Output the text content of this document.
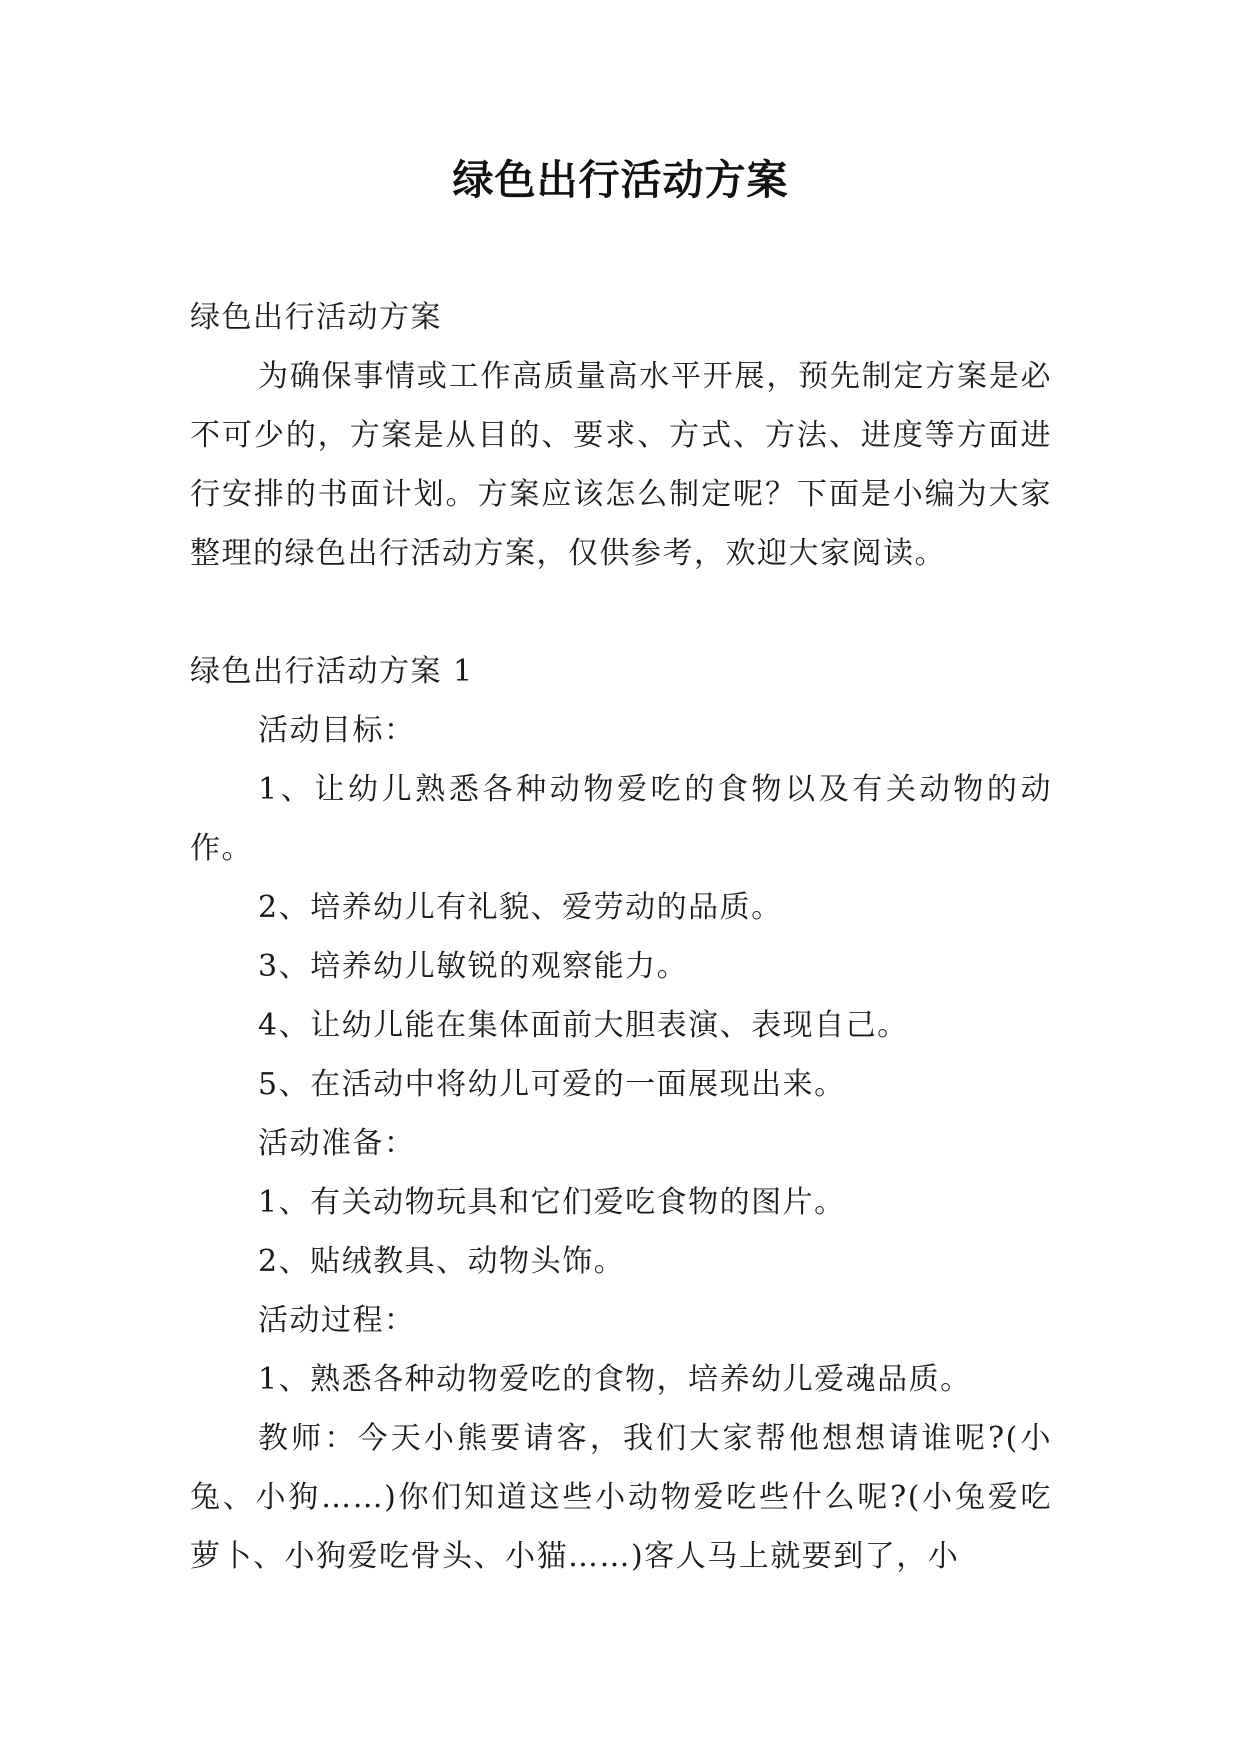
绿色出行活动方案

绿色出行活动方案

为确保事情或工作高质量高水平开展，预先制定方案是必不可少的，方案是从目的、要求、方式、方法、进度等方面进行安排的书面计划。方案应该怎么制定呢？下面是小编为大家整理的绿色出行活动方案，仅供参考，欢迎大家阅读。

绿色出行活动方案 1

活动目标：

1、让幼儿熟悉各种动物爱吃的食物以及有关动物的动作。

2、培养幼儿有礼貌、爱劳动的品质。

3、培养幼儿敏锐的观察能力。

4、让幼儿能在集体面前大胆表演、表现自己。

5、在活动中将幼儿可爱的一面展现出来。

活动准备：

1、有关动物玩具和它们爱吃食物的图片。

2、贴绒教具、动物头饰。

活动过程：

1、熟悉各种动物爱吃的食物，培养幼儿爱魂品质。

教师：今天小熊要请客，我们大家帮他想想请谁呢?(小兔、小狗……)你们知道这些小动物爱吃些什么呢?(小兔爱吃萝卜、小狗爱吃骨头、小猫……)客人马上就要到了，小
